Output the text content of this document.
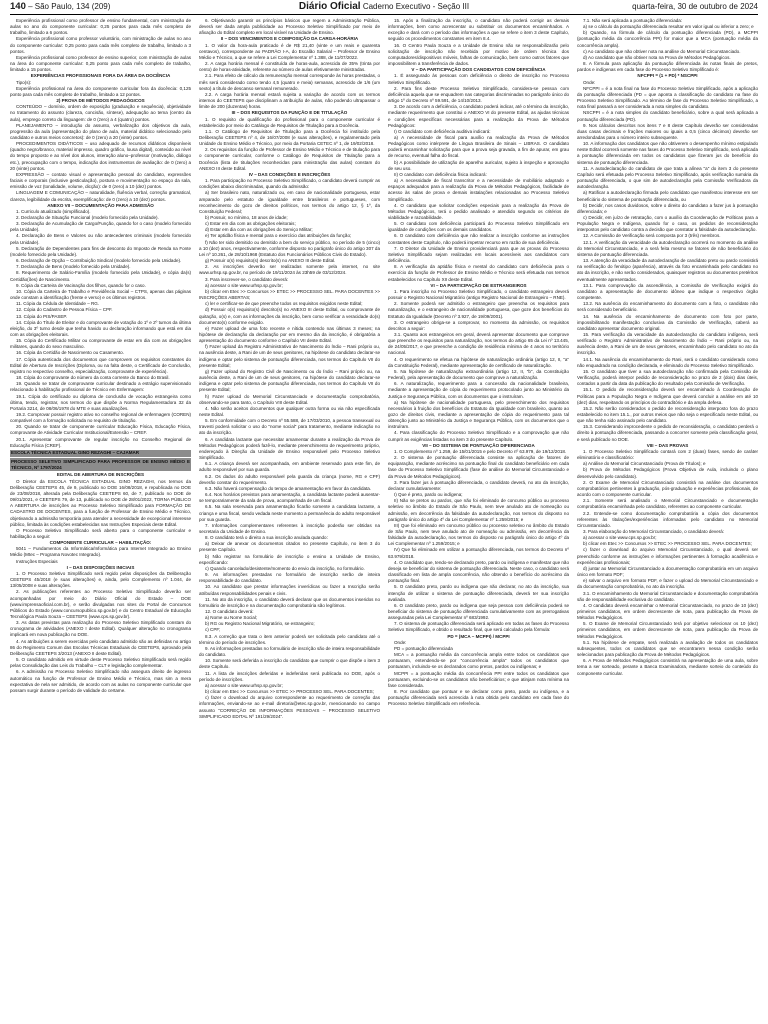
140 – São Paulo, 134 (209)	Diário Oficial Caderno Executivo - Seção III	quarta-feira, 30 de outubro de 2024

Experiência profissional como professor de ensino fundamental, com ministração de aulas no ano do componente curricular: 0,25 pontos para cada mês completo de trabalho, limitado a 6 pontos.

Experiência profissional como professor voluntário, com ministração de aulas no ano do componente curricular: 0,25 ponto para cada mês completo de trabalho, limitado a 3 pontos.

Experiência profissional como professor de ensino superior, com ministração de aulas na área do componente curricular: 0,25 ponto para cada mês completo de trabalho, limitado a 15 pontos.

EXPERIÊNCIAS PROFISSIONAIS FORA DA ÁREA DA DOCÊNCIA

Tipo(s):

Experiência profissional na área do componente curricular fora da docência: 0,125 ponto para cada mês completo de trabalho, limitado a 12 pontos.

2) PROVA DE MÉTODOS PEDAGÓGICOS

CONTEÚDO – domínio, ordem de exposição (graduação e sequência), objetividade no tratamento do assunto (clareza, concisão, síntese), adequação ao tema (centro da aula), emprego correto da linguagem: de 0 (zero) a 4 (quatro) pontos.

PLANEJAMENTO – introdução do assunto, verbalização dos objetivos da aula, progressão da aula (apresentação do plano de aula, material didático selecionado pelo candidato e outros meios concretos): de 0 (zero) a 20 (vinte) pontos.

PROCEDIMENTOS DIDÁTICOS – uso adequado de recursos didáticos disponíveis (quadro negro/branco, material impresso, quadro gráfico, lousa digital), conteúdo ao nível do tempo proposto e ao nível dos alunos, interação aluno–professor (motivação, diálogo etc.), preocupação com o tempo, indicação dos instrumentos de avaliação: de 0 (zero) a 20 (vinte) pontos.

EXPRESSÃO – contato visual e apresentação pessoal do candidato, expressões faciais e corporais (inclusive gesticulação), postura e movimentação no espaço da sala, emissão de voz (tonalidade, volume, dicção): de 0 (zero) a 10 (dez) pontos.

LINGUAGEM E COMUNICAÇÃO – naturalidade, fluência verbal, correção gramatical, clareza, legibilidade da escrita, exemplificação: de 0 (zero) a 10 (dez) pontos.

ANEXO VII – DOCUMENTAÇÃO PARA ADMISSÃO

1. Curriculo atualizado (simplificado).

2. Declaração de Situação Funcional (modelo fornecido pela Unidade).

3. Declaração de Acumulação de Cargo/Função, quando for o caso (modelo fornecido pela Unidade).

4. Declaração de Bens e Valores ou não antecedentes criminais (modelo fornecido pela Unidade).

5. Declaração de Dependentes para fins de desconto do Imposto de Renda na Fonte (modelo fornecido pela Unidade).

6. Declaração de Opção – Contribuição Sindical (modelo fornecido pela Unidade).

7. Declaração de Bens (modelo fornecido pela Unidade).

8. Requerimento de Salário-Família (modelo fornecido pela Unidade), e cópia da(s) Certidão(ões) de Nascimento.

9. Cópia da Carteira de Vacinação dos filhos, quando for o caso.

10. Cópia da Carteira de Trabalho e Previdência Social – CTPS, apenas das páginas onde constam a identificação (frente e verso) e os últimos registros.

11. Cópia da Cédula de Identidade – RG.

12. Cópia do Cadastro de Pessoa Física – CPF.

13. Cópia do PIS/PASEP.

14. Cópia do Título de Eleitor e do comprovante de votação do 1º e 2º turnos da última eleição, do 3º turno desde que tenha havido ou declaração informando que está em dia com as obrigações eleitorais.

15. Cópia do Certificado Militar ou comprovante de estar em dia com as obrigações militares, quando do sexo masculino.

16. Cópia da Certidão de Nascimento ou Casamento.

17. Cópia autenticada dos documentos que comprovem os requisitos constantes do Edital de Abertura de Inscrições (Diploma, ou na falta deste, o Certificado de Conclusão, registro no respectivo conselho, especialização, comprovante de experiência).

18. Cópia do comprovante do número da conta corrente do Banco do Brasil.

19. Quando se tratar de comprovante curricular destinado a estrágio supervisionado relacionado à habilitação profissional de Técnico em Enfermagem:

19.1. Cópia do certificado ou diploma de conclusão de vocação estrangeira como última, tendo, registrar, nos termos do que dispõe a Norma Regulamentadora 32 da Portaria 3214, de 08/06/1978 do MTE e suas atualizações.

19.2. Comprovar possuir registro ativo no conselho regional de enfermagem (COREN) compatível com a formação solicitada no requisito de titulação.

20. Quando se tratar de componente curricular Educação Física, Educação Física, comprovante de Atividade Curricular Institucional/Extensão – CREF.

20.1. Apresentar comprovante de regular inscrição no Conselho Regional de Educação Física (CREF).

ESCOLA TÉCNICA ESTADUAL GINO REZAGHI – CAJAMAR

PROCESSO SELETIVO SIMPLIFICADO PARA PROFESSOR DE ENSINO MÉDIO E TÉCNICO, Nº 1797/2024

EDITAL DE ABERTURA DE INSCRIÇÕES

O Diretor da ESCOLA TÉCNICA ESTADUAL GINO REZAGHI, nos termos da Deliberação CEETEPS 45, de 9, publicado no DOE 16/08/2018, e republicada no DOE de 23/08/2018, alterada pela Deliberação CEETEPS 60, de 7, publicado no DOE de 09/01/2021, e CEETEPS 79, de 13, publicado no DOE de 28/01/2022, TORNA PÚBLICO A ABERTURA de inscrições ao Processo Seletivo Simplificado para FORMAÇÃO DE CADASTRO DE DOCENTES, para a função de Professor de Ensino Médio e Técnico, objetivando a admissão temporária para atender a necessidade de excepcional interesse público, limitada às condições estabelecidas nas Instruções Especiais deste Edital.

O Processo Seletivo Simplificado será aberto para o componente curricular e habilitação a seguir:

COMPONENTE CURRICULAR – HABILITAÇÃO:

5041 – Fundamentos da Informática/Informática para Internet Integrado ao Ensino Médio (Mtec – Programa Novotec Integrado).

Instruções Especiais

I – DAS DISPOSIÇÕES INICIAIS

1. O Processo Seletivo Simplificado será regido pelas disposições da Deliberação CEETEPS 45/2018 (e suas alterações) e, ainda, pelo Complemento nº 1.044, de 13/05/2008 e suas alterações.

2. As publicações referentes ao Processo Seletivo Simplificado deverão ser acompanhadas por meio do Diário Oficial do Estado – DOE (www.imprensaoficial.com.br), e serão divulgadas nos sites do Portal de Concursos Públicos do Estado (www.concursopublico.sp.gov.br) e do Centro Estadual de Educação Tecnológica Paula Souza – CEETEPS (www.cps.sp.gov.br).

3. As datas previstas para realização do Processo Seletivo Simplificado constam do cronograma de atividades (ANEXO I deste Edital). Qualquer alteração no cronograma implicará em nova publicação no DOE.

4. As atribuições a serem exercidas pelo candidato admitido são as definidas no artigo 86 do Regimento Comum das Escolas Técnicas Estaduais do CEETEPS, aprovado pela Deliberação CEETEPS 3/2013 (ANEXO II deste Edital).

5. O candidato admitido em virtude deste Processo Seletivo Simplificado será regido pelas Consolidação das Leis do Trabalho – CLT e legislação complementar.

6. A admissão no Processo Seletivo Simplificado não assegura direito de ingresso automático na função de Professor de Ensino Médio e Técnico, mas sim a mera expectativa de nela ser admitido, de acordo com as aulas no componente curricular que possam surgir durante o período de validade do certame.

6. Objetivando garantir os princípios básicos que regem a Administração Pública, deverá ser dada ampla publicidade ao Processo Seletivo Simplificado por meio de afixação do Edital completo em local visível na Unidade de Ensino.

II – DOS VENCIMENTOS E COMPOSIÇÃO DA CARGA-HORÁRIA

1. O valor da hora-aula praticado é de R$ 21,40 (vinte e um reais e quarenta centavos), correspondente ao PADRÃO I-A, do Escalão Salarial – Professor de Ensino Médio e Técnico, a que se refere a Lei Complementar nº 1.388, de 11/07/2022.

2. A carga horária mensal é constituída de horas-aula, acrescida de 35% (trinta por cento) de horas-atividade, referente ao número de aulas efetivamente ministradas.

2.1. Para efeito de cálculo da remuneração mensal corresponde às horas prestadas, o mês será considerado como tendo 4,5 (quatro e meia) semanas, acrescido de 1/6 (um sexto) a título de descanso semanal remunerado.

2.2. A carga horária mensal estará sujeita a variação de acordo com os termos internos do CEETEPS que disciplinam a atribuição de aulas, não podendo ultrapassar o limite de 200 (duzentas) horas.

III – DOS REQUISITOS DA FUNÇÃO E DE TITULAÇÃO

1. O requisito de qualificação do profissional para o componente curricular é estabelecido por meio do Catálogo de Requisitos de Titulação para a Docência.

1.1. O Catálogo de Requisitos de Titulação para a Docência foi instituído pela Deliberação CEETEPS nº 4, de 16/07/2008 (e suas alterações), e regulamentado pela Unidade do Ensino Médio e Técnico, por meio da Portaria CETEC nº 1, de 19/02/2018.

2. Os requisitos da função de Professor de Ensino Médio e Técnico e de titulação para o componente curricular, conforme o Catálogo de Requisitos de Titulação para a Docência (lista de titulações reconhecidas para ministração das aulas) constam do ANEXO III deste Edital.

IV – DAS CONDIÇÕES E INSCRIÇÕES

1. Para participação no Processo Seletivo Simplificado, o candidato deverá cumprir as condições abaixo discriminadas, quando da admissão:

a) Ser brasileiro nato, naturalizado ou, em caso de nacionalidade portuguesa, estar amparado pelo estatuto de igualdade entre brasileiros e portugueses, com reconhecimento do gozo de direitos políticos, nos termos do artigo 12, § 1º, da Constituição Federal;

b) Possuir, no mínimo, 18 anos de idade;

c) Estar em dia com as obrigações eleitorais;

d) Estar em dia com as obrigações do Serviço Militar;

e) Ter aptidão física e mental para o exercício das atribuições da função;

f) Não ter sido demitido ou demitido a bem do serviço público, no período de 5 (cinco) a 10 (dez) anos, respectivamente, conforme disposto no parágrafo único do artigo 307 da Lei nº 10.261, de 28/10/1968 (Estatuto dos Funcionários Públicos Civis do Estado).

g) Possuir o(s) requisito(s) descrito(s) no ANEXO III deste Edital.

2. As inscrições deverão ser realizadas somente pela internet, no site www.urhsp.sp.gov.br, no período de 19/11/2024 às 23h59 de 03/12/2024.

3. Para inscrever-se, o candidato deverá:

a) acessar o site www.urhsp.sp.gov.br;

b) clicar em Etec >> Concursos >> ETEC >> PROCESSO SEL. PARA DOCENTES >> INSCRIÇÕES ABERTAS;

c) ler e certificar-se de que preenche todos os requisitos exigidos neste Edital;

d) Possuir o(s) requisito(s) descrito(s) no ANEXO III deste Edital, ou comprovante de quitação, o(s) e, com as informações da inscrição, bem como verificar a veracidade do(s) documento(s) conforme exigido.

e) Fazer upload de uma foto recente e nítida contendo nas últimas 3 meses; na hipótese de declaração da declaração por em mesmo dia da inscrição, é obrigatória a apresentação do documento conforme o Capítulo VII deste Edital.

f) Fazer upload da Registro Administrativo de Nascimento do Índio – Rani próprio ou, na ausência deste, a Rani de um de seus genitores, na hipótese do candidato declarar-se indígena e optar pelo sistema de pontuação diferenciada, nos termos do Capítulo VII do presente Edital;

g) Fazer upload do Registro Civil de Nascimento ou do Índio – Rani próprio ou, na ausência deste, a Rani de um de seus genitores, na hipótese do candidato declarar-se indígena e optar pelo sistema de pontuação diferenciada, nos termos do Capítulo VII do presente Edital;

h) Fazer upload do Memorial Circunstanciado e documentação comprobatória, observando-se para tanto, o Capítulo VIII deste Edital.

4. Não serão aceitos documentos que qualquer outra forma ou via não especificada neste Edital.

5. Em conformidade com o Decreto nº 55.588, de 17/03/2010, a pessoa transexual ou travesti poderá solicitar o uso do "nome social" para tratamento, mediante indicação no ato da inscrição.

6. A candidata lactante que necessitar amamentar durante a realização da Prova de Métodos Pedagógicos poderá fazê-lo, mediante preenchimento de requerimento próprio, endereçado à Direção da Unidade de Ensino responsável pelo Processo Seletivo Simplificado.

6.1. A criança deverá ser acompanhada, em ambiente reservado para este fim, de adulto responsável por sua guarda.

6.2. Os dados do adulto responsável pela guarda da criança (nome, RG e CPF) deverão constar do requerimento.

6.3. Não haverá compensação do tempo de amamentação em favor da candidata.

6.4. Nos horários previstos para amamentação, a candidata lactante poderá ausentar-se temporariamente da sala de prova, acompanhada de um fiscal.

6.5. Na sala reservada para amamentação ficarão somente a candidata lactante, a criança e uma fiscal, sendo vedada neste momento a permanência do adulto responsável por sua guarda.

7. Informações complementares referentes à inscrição poderão ser obtidas na secretaria da Unidade de Ensino.

8. O candidato terá o direito a sua inscrição anulada quando:

a) Deixar de anexar os documentos citados no presente Capítulo, no item 3 do presente Capítulo.

b) Não registrar na formulário de inscrição o ensino a Unidade de Ensino, especificando:

c) Quando cancelado/desistente/momento do envio da inscrição, no formulário.

9. As informações prestadas no formulário de inscrição serão de inteira responsabilidade do candidato.

10. Ao candidato que prestar informações inverídicas ou fazer a Inscrição serão atribuídas responsabilidades penais e civis.

11. No ato da inscrição, o candidato deverá declarar que os documentos inseridos no formulário de inscrição e na documentação comprobatória são legítimos.

12. O candidato deverá:

a) Nome ou Nome Social;

b) RG ou Registro Nacional Migratório, se estrangeiro;

c) CPF;

8.3. A correção que trata o item anterior poderá ser solicitada pelo candidato até o término do período de inscrições.

9. As informações prestadas no formulário de inscrição são de inteira responsabilidade do candidato.

10. Somente será deferida a inscrição do candidato que cumprir o que dispõe o item 3 deste Capítulo.

11. A lista de inscrições deferidas e indeferidas será publicada no DOE, após o período de inscrições.

a) acessar o site www.urhsp.sp.gov.br;

b) clicar em Etec >> Concursos >> ETEC >> PROCESSO SEL. PARA DOCENTES;

c) fazer o download do arquivo correspondente ao requerimento de correção das informações, enviando-se ao e-mail diretoria@etec.sp.gov.br, mencionando no campo assunto "CORREÇÃO DE INFORMAÇÕES PESSOAIS – PROCESSO SELETIVO SIMPLIFICADO EDITAL Nº 191/29/2024".

15. Após a finalização da inscrição, o candidato não poderá corrigir as demais informações, bem como acrescentar ou substituir os documentos encaminhados. A exceção e dará com o período das informações a que se refere o item 3 deste Capítulo, seguido os procedimentos constantes em item 8.4.

16. O Centro Paula Souza e a Unidade de Ensino não se responsabilizarão pelo solicitação de inscrição não recebida por motivo de ordem técnica dos computadores/dispositivos móveis, falhas de comunicação, bem como outros fatores que impossibilitem a transferência de dados.

V – DA PARTICIPAÇÃO DOS CANDIDATOS COM DEFICIÊNCIA

1. É assegurado às pessoas com deficiência o direito de inscrição no Processo Seletivo Simplificado.

2. Para fins deste Processo Seletivo Simplificado, considera-se pessoa com deficiência aquela que se enquadrem nas categorias discriminadas no parágrafo único do artigo 1º do Decreto nº 59.591, de 14/10/2013.

3. De acordo com a deficiência, o candidato poderá indicar, até o término da inscrição, mediante requerimento que constitui o ANEXO VI do presente Edital, as ajudas técnicas e condições específicas necessárias para a realização da Prova de Métodos Pedagógicos:

I) O candidato com deficiência auditiva indicará:

a) A necessidade de fiscal para auxílio na realização da Prova de Métodos Pedagógicos como intérprete de Língua Brasileira de Sinais – LIBRAS. O candidato poderá encaminhar solicitação para que a prova seja gravada, a fim de apurar, em grau de recurso, eventual falha do fiscal.

b) A possibilidade de utilização de aparelho auricular, sujeito à inspeção e aprovação de seu uso.

II) O candidato com deficiência física indicará:

a) A necessidade de fiscal transcritor e a necessidade de mobiliário adaptado e espaços adequados para a realização da Prova de Métodos Pedagógicos, facilidade de acesso às salas de prova e demais instalações relacionadas ao Processo Seletivo Simplificado.

4. O candidato que solicitar condições especiais para a realização da Prova de Métodos Pedagógicos, terá o pedido analisado e atendido segundo os critérios de viabilidade e razoabilidade.

5. O candidato com deficiência participará do Processo Seletivo Simplificado em igualdade de condições com os demais candidatos.

6. O candidato com deficiência que não realizar a inscrição conforme as instruções constantes deste Capítulo, não poderá impetrar recurso em razão de sua deficiência.

7. O Diretor da Unidade de Ensino providenciará para que as provas do Processo Seletivo Simplificado sejam realizadas em locais acessíveis aos candidatos com deficiência.

8. A verificação da aptidão física e mental do candidato com deficiência para o exercício da função de Professor de Ensino Médio e Técnico será efetuada nos termos estabelecidos no Capítulo XII deste Edital.

VI – DA PARTICIPAÇÃO DE ESTRANGEIROS

1. Para inscrição no Processo Seletivo Simplificado, o candidato estrangeiro deverá possuir o Registro Nacional Migratório (antigo Registro Nacional de Estrangeiro – RNE).

2. Somente poderá ser admitido o estrangeiro que preencha os requisitos para naturalização, e o estrangeiro de nacionalidade portuguesa, que goze dos benefícios do Estatuto da Igualdade (Decreto nº 3.927, de 19/09/2001).

3. O estrangeiro obriga-se a comprovar, no momento da admissão, os requisitos descritos a seguir:

3.1. Quanto aos estrangeiros em geral, deverá apresentar documento que comprove que preenche os requisitos para naturalização, nos termos do artigo 65 da Lei nº 13.445, de 24/05/2017, e que preenche a condição de residência mínima de 4 anos no território nacional.

4. O requerimento se efetua na hipótese de naturalização ordinária (artigo 12, II, "a" da Constituição Federal), mediante apresentação de certificado de naturalização.

5. Na hipótese de naturalização extraordinária (artigo 12, II, "b", da Constituição Federal), pela apresentação de documento que comprove a naturalização.

6. A naturalização, requerimento para a concessão da nacionalidade brasileira, mediante a apresentação de cópia do requerimento protocolado junto ao Ministério da Justiça e Segurança Pública, com os documentos que o instruíram.

a) Na hipótese de nacionalidade portuguesa, pelo preenchimento dos requisitos necessários à fruição dos benefícios do Estatuto da Igualdade com brasileiro, quanto ao gozo de direitos civis, mediante a apresentação de cópia do requerimento para tal obtenção junto ao Ministério da Justiça e Segurança Pública, com os documentos que o instruíram.

4. Para classificação do Processo Seletivo Simplificado e a comprovação que não cumprir as exigências listadas no item 3 do presente Capítulo.

VII – DO SISTEMA DE PONTUAÇÃO DIFERENCIADA

1. O Complemento nº 1.259, de 15/01/2015 e pelo Decreto nº 63.979, de 19/12/2018.

2. O sistema de pontuação diferenciada consiste na aplicação de fatores de equiparação, mediante acréscimo na pontuação final do candidato beneficiário em cada fase do Processo Seletivo Simplificado (fase de análise do Memorial Circunstanciado e da Prova de Métodos Pedagógicos).

3. Para fazer jus à pontuação diferenciada, o candidato deverá, no ato da inscrição, declarar cumulativamente:

I) Que é preto, pardo ou indígena;

II) Não se pretos ou pardos, que não foi eliminado de concurso público ou processo seletivo no âmbito do Estado de São Paulo, nem teve anulado ato de nomeação ou admissão, em decorrência da falsidade da autodeclaração, nos termos do disposto no parágrafo único do artigo 4º da Lei Complementar nº 1.259/2015; e

III) Que foi eliminado em concurso público ou processo seletivo no âmbito do Estado de São Paulo, nem teve anulado ato de nomeação ou admissão, em decorrência da falsidade da autodeclaração, nos termos do disposto no parágrafo único do artigo 4º da Lei Complementar nº 1.259/2015; e

IV) Que foi eliminado em utilizar a pontuação diferenciada, nos termos do Decreto nº 63.979/2018.

4. O candidato que, tendo-se declarado preto, pardo ou indígena e manifestar que não deseja se beneficiar do sistema de pontuação diferenciada. Neste caso, o candidato será classificado em lista de ampla concorrência, não obtendo o benefício do acréscimo da pontuação final.

5. O candidato preto, pardo ou indígena que não declarar, no ato da inscrição, sua intenção de utilizar o sistema de pontuação diferenciada, deverá ter sua inscrição avaliada.

6. O candidato preto, pardo ou indígena que seja pessoa com deficiência poderá se beneficiar do sistema de pontuação diferenciada cumulativamente com as prerrogativas asseguradas pela Lei Complementar nº 683/1992.

7. O sistema de pontuação diferenciada será aplicado em todas as fases do Processo Seletivo Simplificado, e obtido o resultado final, que será calculado pela fórmula:

PD = (MCA – MCPPI) / MCPPI

Onde:

PD = pontuação diferenciada

MCA = a pontuação média da concorrência ampla entre todos os candidatos que pontuaram, entendendo-se por "concorrência ampla" todos os candidatos que pontuaram, incluindo-se os declarados como pretos, pardos ou indígenas; e

MCPPI = a pontuação média da concorrência PPI entre todos os candidatos que pontuaram, excluindo-se os candidatos não beneficiários; e que atinjam nota mínima na fase considerada.

8. Por candidato que pontuar e se declarar como preto, pardo ou indígena, e a pontuação diferenciada será acrescida à nota obtida pelo candidato em cada fase do Processo Seletivo Simplificado em referência.

7.1. Não será aplicada a pontuação diferenciada:

a) se o cálculo da pontuação diferenciada resultar em valor igual ou inferior a zero; e

b) Quando, na fórmula de cálculo da pontuação diferenciada (PD), a MCPPI (pontuação média da concorrência PPI) for maior que a MCA (pontuação média da concorrência ampla).

c) Ao candidato que não obtiver nota na análise do Memorial Circunstanciado.

d) Ao candidato que não obtiver nota na Prova de Métodos Pedagógicos.

8. A fórmula para aplicação da pontuação diferenciada às notas finais de pretos, pardos e indígenas em cada fase do Processo Seletivo Simplificado é:

NFCPPI = (1 + PD) * NSCPPI

Onde:

NFCPPI = é a nota final na fase do Processo Seletivo Simplificado, após a aplicação da pontuação diferenciada (PD = que aponta a classificação do candidato na fase do Processo Seletivo Simplificado. Ao término de fase do Processo Seletivo Simplificado, a nota final passará a ser considerada a nota simples do candidato.

NSCPPI = é a nota simples do candidato beneficiário, sobre a qual será aplicada a pontuação diferenciada (PD).

9. Nos cálculos descritos nos itens 7 e 8 deste Capítulo deverão ser consideradas duas casas decimais e frações maiores ou iguais a 0,5 (cinco décimos) deverão ser arredondadas para o número inteiro subsequente.

10. A informação dos candidatos que não obtiverem o desempenho mínimo estipulado neste Edital ocorrerá somente nas fases do Processo Seletivo Simplificado, será aplicada a pontuação diferenciada em todos os candidatos que fizeram jus do benefício do sistema de pontuação diferenciada.

11. A autodeclaração do candidato de que trata a alínea "a" do item 3 do presente Capítulo será efetuada pelo Processo Seletivo Simplificado, após verificação sumária da pontuação diferenciada, o que sim de autodeclaração pela Comissão Verificadora da autodeclaração.

a) Ratificar a autodeclaração firmada pelo candidato que manifestou interesse em ser beneficiário do sistema de pontuação diferenciada, ou

b) Decidir, nos casos duvidosos, sobre o direito do candidato a fazer jus à pontuação diferenciada; e

c) Decidir, em juízo de retratação, com o auxílio da Coordenação de Políticas para a População Negra e Indígena, quando for o caso, os pedidos de reconsideração interpostos pelo candidato contra a decisão que constatar a falsidade da autodeclaração.

12. A Comissão de Verificação será composta por 3 (três) membros.

12.1. A verificação da veracidade da autodeclaração ocorrerá no momento da análise do Memorial Circunstanciado, e a será feita mesmo se fatores de não beneficiário do sistema de pontuação diferenciada.

13. A atenção da veracidade da autodeclaração de candidato preto ou pardo consistirá na verificação do fenótipo (aparência), através da foto encaminhada pelo candidato no ato da inscrição, e não serão considerados, quaisquer registros ou documentos pretéritos eventualmente apresentados.

13.1. Para comprovação da ascendência, a Comissão de Verificação exigirá do candidato a apresentação de documento idôneo que indique o respectivo órgão competente.

13.2. Na ausência do encaminhamento do documento com a foto, o candidato não será considerado beneficiário.

14. Na ausência do encaminhamento de documento com foto por parte, impossibilitando manifestação conclusiva da Comissão de Verificação, caberá ao candidato apresentar documento original.

15. Para verificação da veracidade da autodeclaração do candidato indígena, será verificado o Registro Administrativo de Nascimento do Índio – Rani próprio ou, na ausência deste, a Rani de um de seus genitores, encaminhado pelo candidato no ato da inscrição.

14.1. Na ausência do encaminhamento do Rani, será o candidato considerado como não enquadrado na condição declarada, e eliminado do Processo Seletivo Simplificado.

15. O candidato que tiver a sua autodeclaração não confirmada pela Comissão de Verificação, poderá interpor pedido de reconsideração no prazo de 2 (dois) dias úteis, contados a partir da data da publicação do resultado pela Comissão de Verificação.

15.1. O pedido de reconsideração deverá ser encaminhado à Coordenação de Políticas para a População Negra e Indígena que deverá concluir a análise em até 10 (dez) dias, respeitando os princípios do contraditório e da ampla defesa.

15.2. Não serão considerados o pedido de reconsideração interposto fora do prazo estabelecido no item 15.1., por outros meios que não seja o especificado neste Edital, ou que não tenha sido assinado pelo candidato.

15.3. Considerando improcedente o pedido de reconsideração, o candidato perderá o direito à pontuação diferenciada, passando a concorrer somente pela classificação geral, e será publicado no DOE.

VIII – DAS PROVAS

1. O Processo Seletivo Simplificado contará com 2 (duas) fases, sendo de caráter eliminatório e classificatório:

a) Análise do Memorial Circunstanciado (Prova de Títulos); e

b) Prova de Métodos Pedagógicos (Prova Objetiva de Aula, incluindo o plano desenvolvido pelo candidato).

2. O Exame de Memorial Circunstanciado consistirá na análise dos documentos comprobatórios pertinentes à graduação, pós-graduação e experiências profissionais, de acordo com o componente curricular.

2.1. Somente será analisado o Memorial Circunstanciado e documentação comprobatória encaminhada pelo candidato, referentes ao componente curricular.

2.2. Entende-se como documentação comprobatória a cópia dos documentos referentes às titulações/experiências informadas pelo candidato no Memorial Circunstanciado.

3. Para elaboração do Memorial Circunstanciado, o candidato deverá:

a) acessar o site www.cps.sp.gov.br;

b) clicar em Etec >> Concursos >> ETEC >> PROCESSO SEL. PARA DOCENTES;

c) fazer o download do arquivo Memorial Circunstanciado, o qual deverá ser preenchido conforme as instruções e informações pertinentes à formação acadêmica e experiências profissionais;

d) juntar ao Memorial Circunstanciado a documentação comprobatória em um arquivo único em formato PDF;

e) salvar o arquivo em formato PDF, e fazer o upload do Memorial Circunstanciado e da documentação comprobatória, no ato da inscrição.

3.1. O encaminhamento do Memorial Circunstanciado e documentação comprobatória são de responsabilidade exclusiva do candidato.

4. O candidato deverá encaminhar o Memorial Circunstanciado, no prazo de 10 (dez) primeiros candidatos, em ordem decrescente de nota, para publicação da Prova de Métodos Pedagógicos.

5. O Exame de Memorial Circunstanciado terá por objetivo selecionar os 10 (dez) primeiros candidatos, em ordem decrescente de nota, para publicação da Prova de Métodos Pedagógicos.

5.1. Na hipótese de empate, será realizada a avaliação de todos os candidatos subsequentes, todos os candidatos que se encontrarem nessa condição serão selecionados para publicação da Prova de Métodos Pedagógicos.

6. A Prova de Métodos Pedagógicos consistirá na apresentação de uma aula, sobre tema a ser sorteado, perante a Banca Examinadora, mediante sorteio do conteúdo do componente curricular.
